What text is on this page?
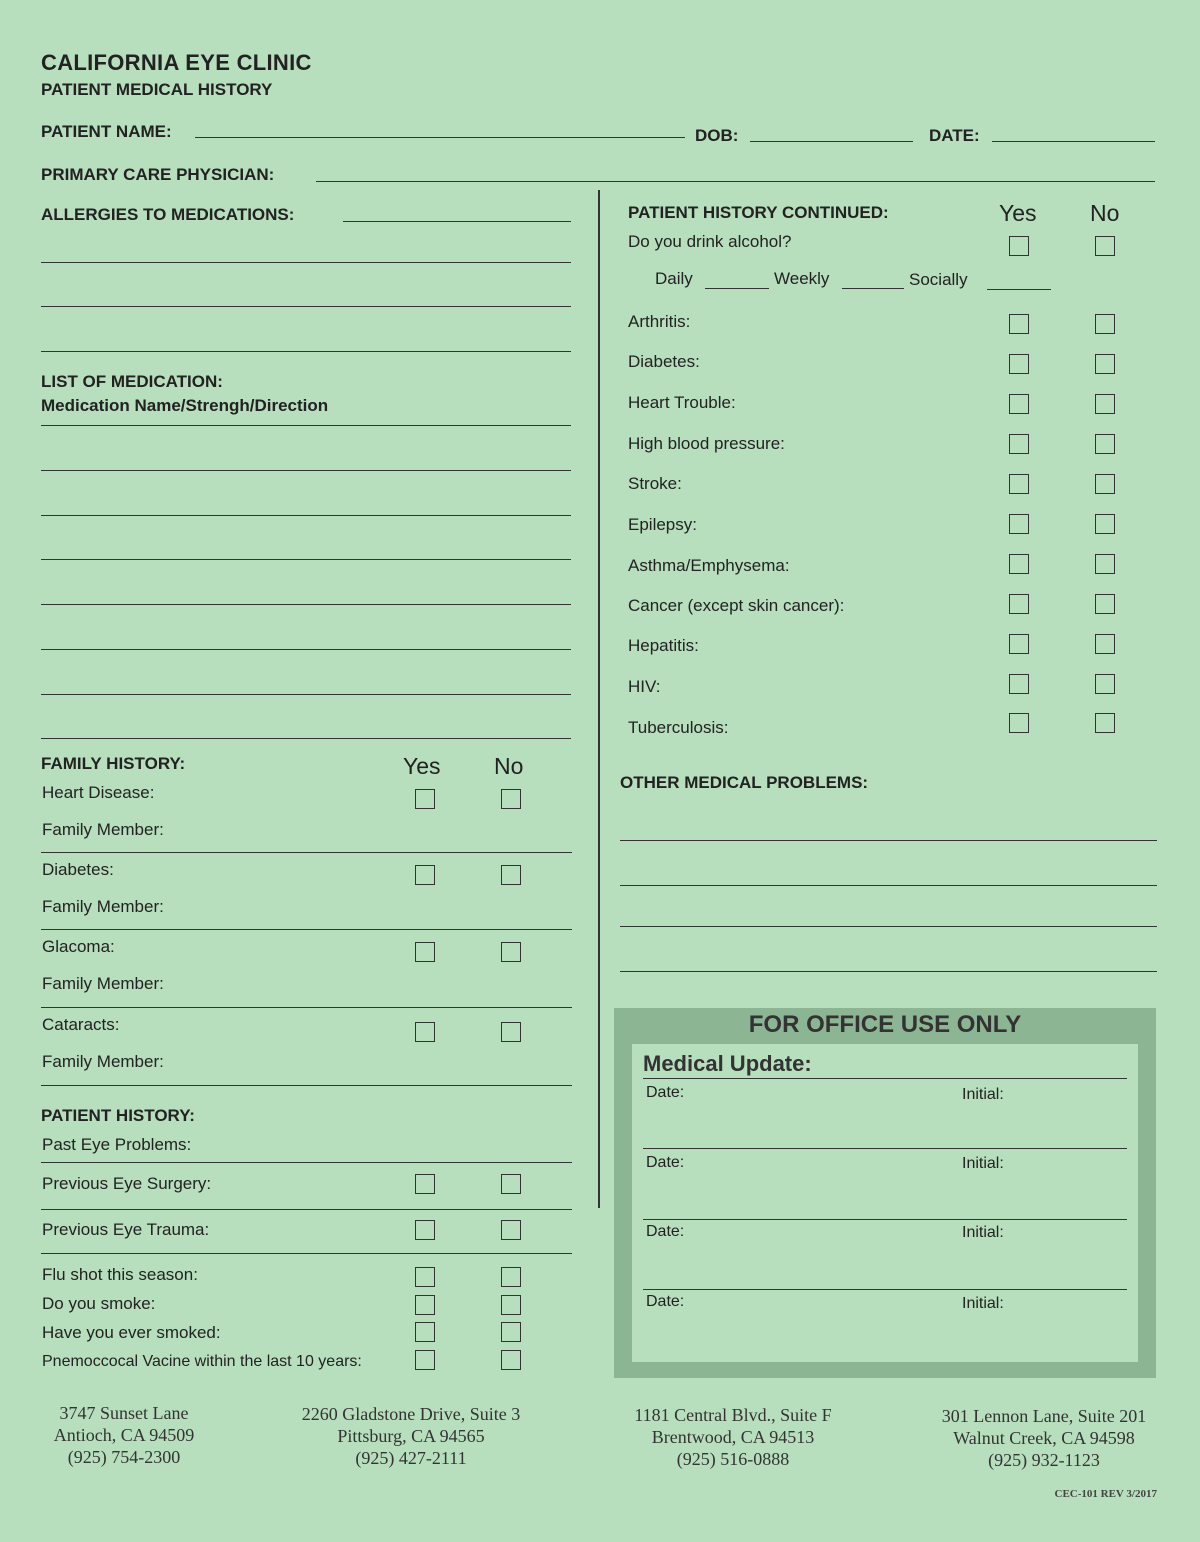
CALIFORNIA EYE CLINIC
PATIENT MEDICAL HISTORY
PATIENT NAME:	DOB:	DATE:
PRIMARY CARE PHYSICIAN:
ALLERGIES TO MEDICATIONS:
LIST OF MEDICATION:
Medication Name/Strengh/Direction
FAMILY HISTORY:	Yes No
Heart Disease:
Family Member:
Diabetes:
Family Member:
Glacoma:
Family Member:
Cataracts:
Family Member:
PATIENT HISTORY:
Past Eye Problems:
Previous Eye Surgery:
Previous Eye Trauma:
Flu shot this season:
Do you smoke:
Have you ever smoked:
Pnemoccocal Vacine within the last 10 years:
PATIENT HISTORY CONTINUED:	Yes No
Do you drink alcohol?
Daily	Weekly	Socially
Arthritis:
Diabetes:
Heart Trouble:
High blood pressure:
Stroke:
Epilepsy:
Asthma/Emphysema:
Cancer (except skin cancer):
Hepatitis:
HIV:
Tuberculosis:
OTHER MEDICAL PROBLEMS:
FOR OFFICE USE ONLY
Medical Update:
Date:	Initial:
Date:	Initial:
Date:	Initial:
Date:	Initial:
3747 Sunset Lane
Antioch, CA 94509
(925) 754-2300
2260 Gladstone Drive, Suite 3
Pittsburg, CA 94565
(925) 427-2111
1181 Central Blvd., Suite F
Brentwood, CA 94513
(925) 516-0888
301 Lennon Lane, Suite 201
Walnut Creek, CA 94598
(925) 932-1123
CEC-101 REV 3/2017
